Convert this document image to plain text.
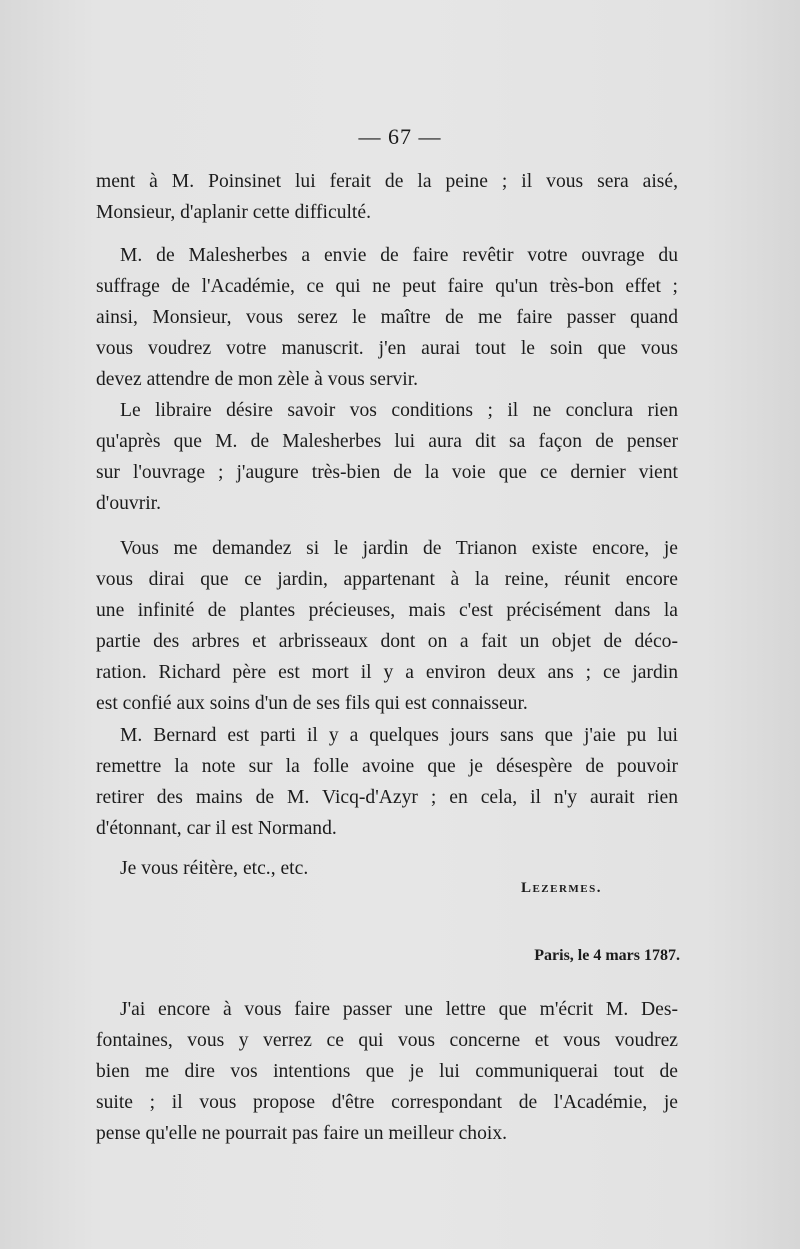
— 67 —
ment à M. Poinsinet lui ferait de la peine ; il vous sera aisé,
Monsieur, d'aplanir cette difficulté.
M. de Malesherbes a envie de faire revêtir votre ouvrage du
suffrage de l'Académie, ce qui ne peut faire qu'un très-bon effet ;
ainsi, Monsieur, vous serez le maître de me faire passer quand
vous voudrez votre manuscrit. j'en aurai tout le soin que vous
devez attendre de mon zèle à vous servir.
Le libraire désire savoir vos conditions ; il ne conclura rien
qu'après que M. de Malesherbes lui aura dit sa façon de penser
sur l'ouvrage ; j'augure très-bien de la voie que ce dernier vient
d'ouvrir.
Vous me demandez si le jardin de Trianon existe encore, je
vous dirai que ce jardin, appartenant à la reine, réunit encore
une infinité de plantes précieuses, mais c'est précisément dans la
partie des arbres et arbrisseaux dont on a fait un objet de déco-
ration. Richard père est mort il y a environ deux ans ; ce jardin
est confié aux soins d'un de ses fils qui est connaisseur.
M. Bernard est parti il y a quelques jours sans que j'aie pu lui
remettre la note sur la folle avoine que je désespère de pouvoir
retirer des mains de M. Vicq-d'Azyr ; en cela, il n'y aurait rien
d'étonnant, car il est Normand.
Je vous réitère, etc., etc.
Lezermes.
Paris, le 4 mars 1787.
J'ai encore à vous faire passer une lettre que m'écrit M. Des-
fontaines, vous y verrez ce qui vous concerne et vous voudrez
bien me dire vos intentions que je lui communiquerai tout de
suite ; il vous propose d'être correspondant de l'Académie, je
pense qu'elle ne pourrait pas faire un meilleur choix.
